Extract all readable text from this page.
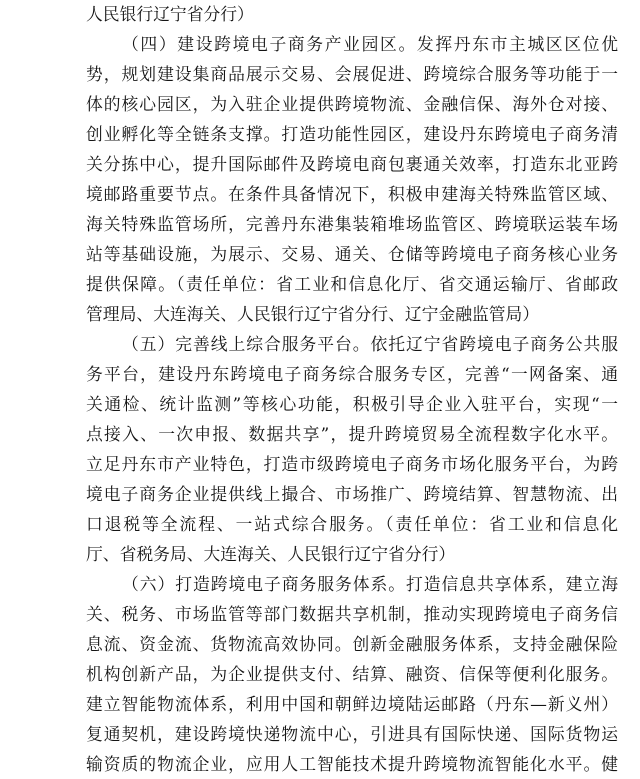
人民银行辽宁省分行）
（四）建设跨境电子商务产业园区。发挥丹东市主城区区位优
势，规划建设集商品展示交易、会展促进、跨境综合服务等功能于一
体的核心园区，为入驻企业提供跨境物流、金融信保、海外仓对接、
创业孵化等全链条支撑。打造功能性园区，建设丹东跨境电子商务清
关分拣中心，提升国际邮件及跨境电商包裹通关效率，打造东北亚跨
境邮路重要节点。在条件具备情况下，积极申建海关特殊监管区域、
海关特殊监管场所，完善丹东港集装箱堆场监管区、跨境联运装车场
站等基础设施，为展示、交易、通关、仓储等跨境电子商务核心业务
提供保障。（责任单位：省工业和信息化厅、省交通运输厅、省邮政
管理局、大连海关、人民银行辽宁省分行、辽宁金融监管局）
（五）完善线上综合服务平台。依托辽宁省跨境电子商务公共服
务平台，建设丹东跨境电子商务综合服务专区，完善“一网备案、通
关通检、统计监测”等核心功能，积极引导企业入驻平台，实现“一
点接入、一次申报、数据共享”，提升跨境贸易全流程数字化水平。
立足丹东市产业特色，打造市级跨境电子商务市场化服务平台，为跨
境电子商务企业提供线上撮合、市场推广、跨境结算、智慧物流、出
口退税等全流程、一站式综合服务。（责任单位：省工业和信息化
厅、省税务局、大连海关、人民银行辽宁省分行）
（六）打造跨境电子商务服务体系。打造信息共享体系，建立海
关、税务、市场监管等部门数据共享机制，推动实现跨境电子商务信
息流、资金流、货物流高效协同。创新金融服务体系，支持金融保险
机构创新产品，为企业提供支付、结算、融资、信保等便利化服务。
建立智能物流体系，利用中国和朝鲜边境陆运邮路（丹东—新义州）
复通契机，建设跨境快递物流中心，引进具有国际快递、国际货物运
输资质的物流企业，应用人工智能技术提升跨境物流智能化水平。健
